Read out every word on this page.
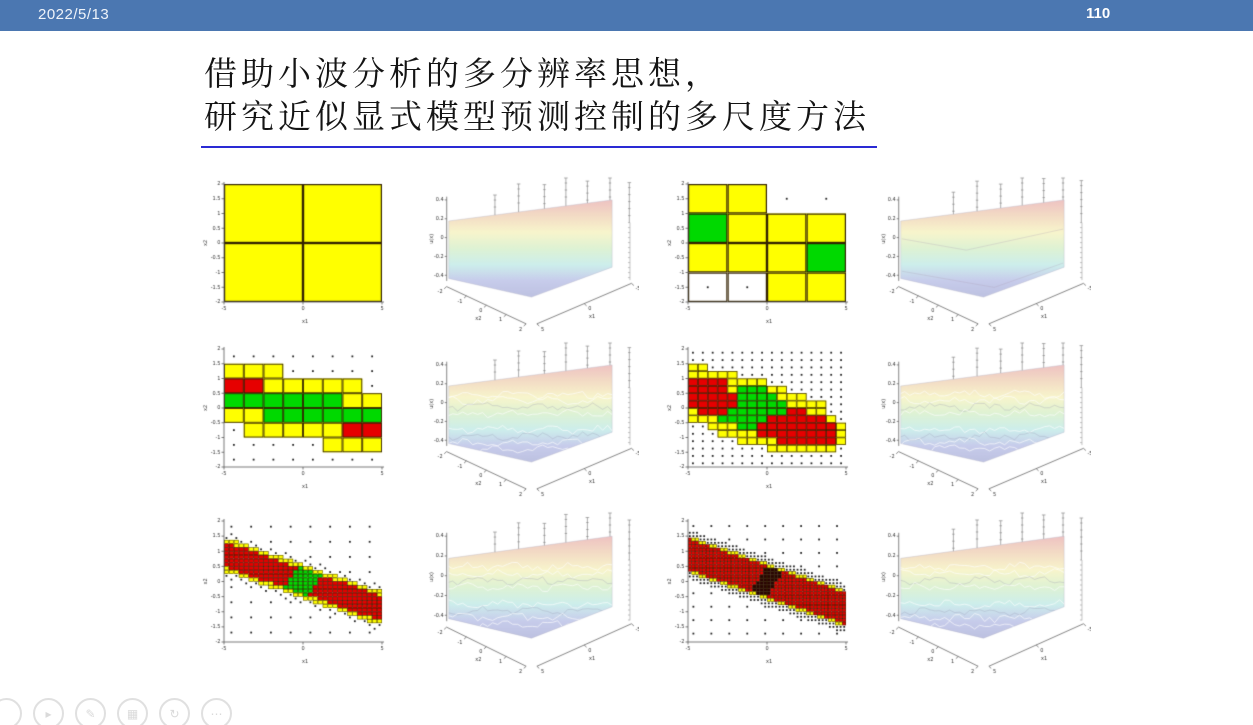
2022/5/13	110
借助小波分析的多分辨率思想，
研究近似显式模型预测控制的多尺度方法
▸	✎	▦	↻	⋯
